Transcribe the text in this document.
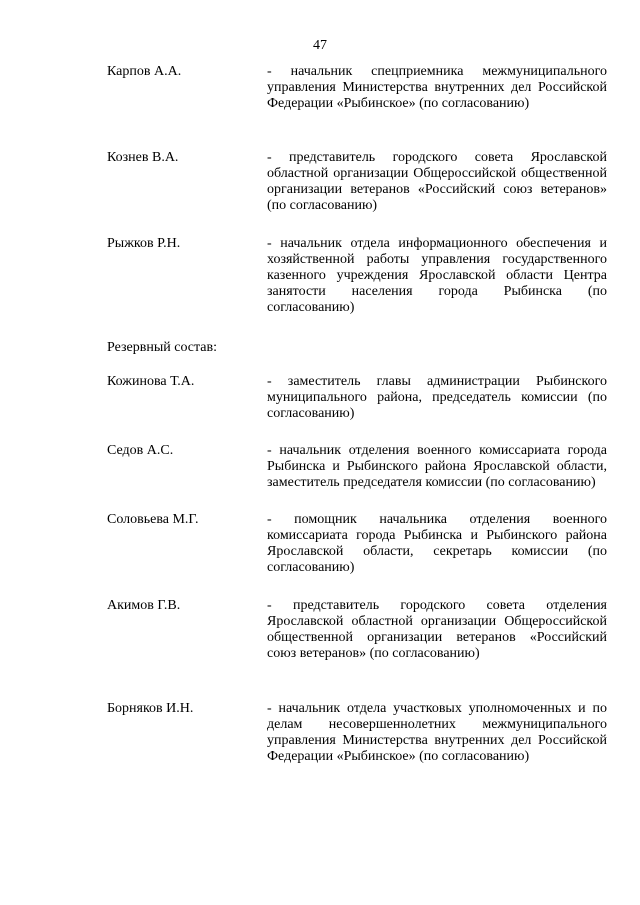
47
Карпов А.А.	- начальник спецприемника межмуниципального управления Министерства внутренних дел Российской Федерации «Рыбинское» (по согласованию)
Кознев В.А.	- представитель городского совета Ярославской областной организации Общероссийской общественной организации ветеранов «Российский союз ветеранов» (по согласованию)
Рыжков Р.Н.	- начальник отдела информационного обеспечения и хозяйственной работы управления государственного казенного учреждения Ярославской области Центра занятости населения города Рыбинска (по согласованию)
Резервный состав:
Кожинова Т.А.	- заместитель главы администрации Рыбинского муниципального района, председатель комиссии (по согласованию)
Седов А.С.	- начальник отделения военного комиссариата города Рыбинска и Рыбинского района Ярославской области, заместитель председателя комиссии (по согласованию)
Соловьева М.Г.	- помощник начальника отделения военного комиссариата города Рыбинска и Рыбинского района Ярославской области, секретарь комиссии (по согласованию)
Акимов Г.В.	- представитель городского совета отделения Ярославской областной организации Общероссийской общественной организации ветеранов «Российский союз ветеранов» (по согласованию)
Борняков И.Н.	- начальник отдела участковых уполномоченных и по делам несовершеннолетних межмуниципального управления Министерства внутренних дел Российской Федерации «Рыбинское» (по согласованию)
